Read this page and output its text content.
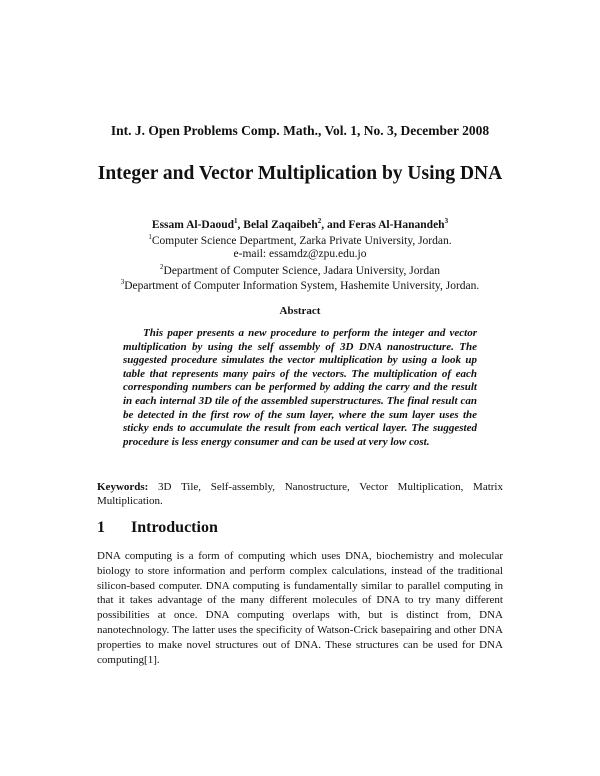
Int. J. Open Problems Comp. Math., Vol. 1, No. 3, December 2008
Integer and Vector Multiplication by Using DNA
Essam Al-Daoud$^1$, Belal Zaqaibeh$^2$, and Feras Al-Hanandeh$^3$
$^1$Computer Science Department, Zarka Private University, Jordan.
e-mail: essamdz@zpu.edu.jo
$^2$Department of Computer Science, Jadara University, Jordan
$^3$Department of Computer Information System, Hashemite University, Jordan.
Abstract
This paper presents a new procedure to perform the integer and vector multiplication by using the self assembly of 3D DNA nanostructure. The suggested procedure simulates the vector multiplication by using a look up table that represents many pairs of the vectors. The multiplication of each corresponding numbers can be performed by adding the carry and the result in each internal 3D tile of the assembled superstructures. The final result can be detected in the first row of the sum layer, where the sum layer uses the sticky ends to accumulate the result from each vertical layer. The suggested procedure is less energy consumer and can be used at very low cost.
Keywords: 3D Tile, Self-assembly, Nanostructure, Vector Multiplication, Matrix Multiplication.
1 Introduction
DNA computing is a form of computing which uses DNA, biochemistry and molecular biology to store information and perform complex calculations, instead of the traditional silicon-based computer. DNA computing is fundamentally similar to parallel computing in that it takes advantage of the many different molecules of DNA to try many different possibilities at once. DNA computing overlaps with, but is distinct from, DNA nanotechnology. The latter uses the specificity of Watson-Crick basepairing and other DNA properties to make novel structures out of DNA. These structures can be used for DNA computing[1].
